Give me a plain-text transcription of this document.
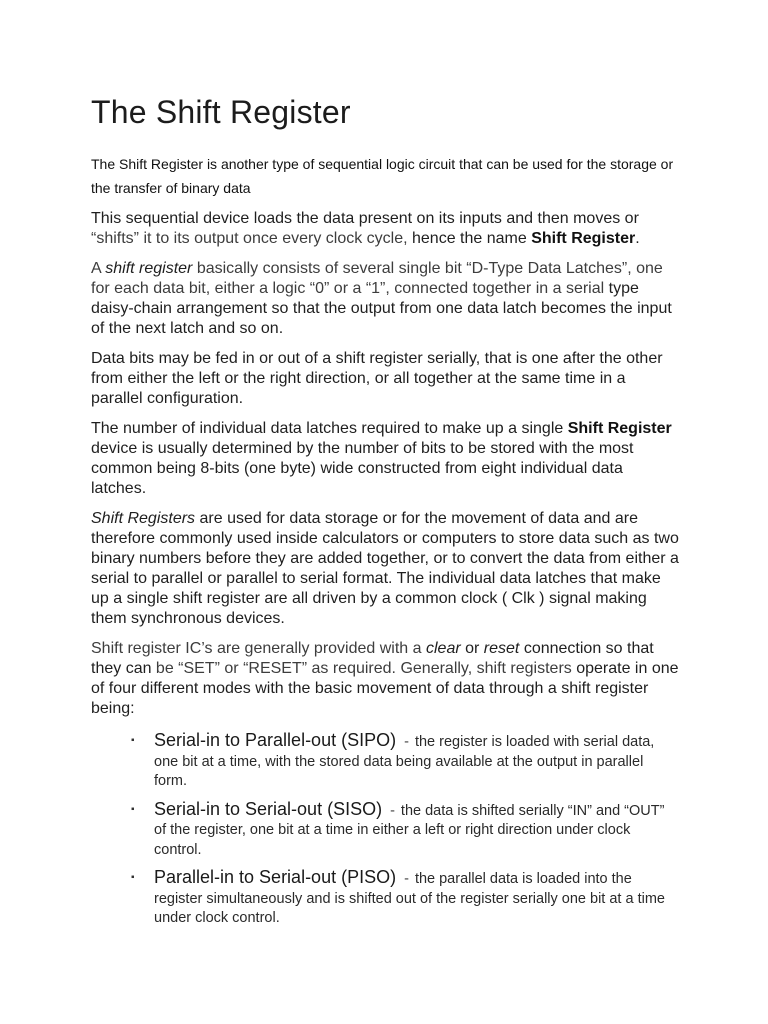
The Shift Register

The Shift Register is another type of sequential logic circuit that can be used for the storage or the transfer of binary data

This sequential device loads the data present on its inputs and then moves or “shifts” it to its output once every clock cycle, hence the name Shift Register.

A shift register basically consists of several single bit “D-Type Data Latches”, one for each data bit, either a logic “0” or a “1”, connected together in a serial type daisy-chain arrangement so that the output from one data latch becomes the input of the next latch and so on.

Data bits may be fed in or out of a shift register serially, that is one after the other from either the left or the right direction, or all together at the same time in a parallel configuration.

The number of individual data latches required to make up a single Shift Register device is usually determined by the number of bits to be stored with the most common being 8-bits (one byte) wide constructed from eight individual data latches.

Shift Registers are used for data storage or for the movement of data and are therefore commonly used inside calculators or computers to store data such as two binary numbers before they are added together, or to convert the data from either a serial to parallel or parallel to serial format. The individual data latches that make up a single shift register are all driven by a common clock ( Clk ) signal making them synchronous devices.

Shift register IC’s are generally provided with a clear or reset connection so that they can be “SET” or “RESET” as required. Generally, shift registers operate in one of four different modes with the basic movement of data through a shift register being:

▪ Serial-in to Parallel-out (SIPO) - the register is loaded with serial data, one bit at a time, with the stored data being available at the output in parallel form.
▪ Serial-in to Serial-out (SISO) - the data is shifted serially “IN” and “OUT” of the register, one bit at a time in either a left or right direction under clock control.
▪ Parallel-in to Serial-out (PISO) - the parallel data is loaded into the register simultaneously and is shifted out of the register serially one bit at a time under clock control.
